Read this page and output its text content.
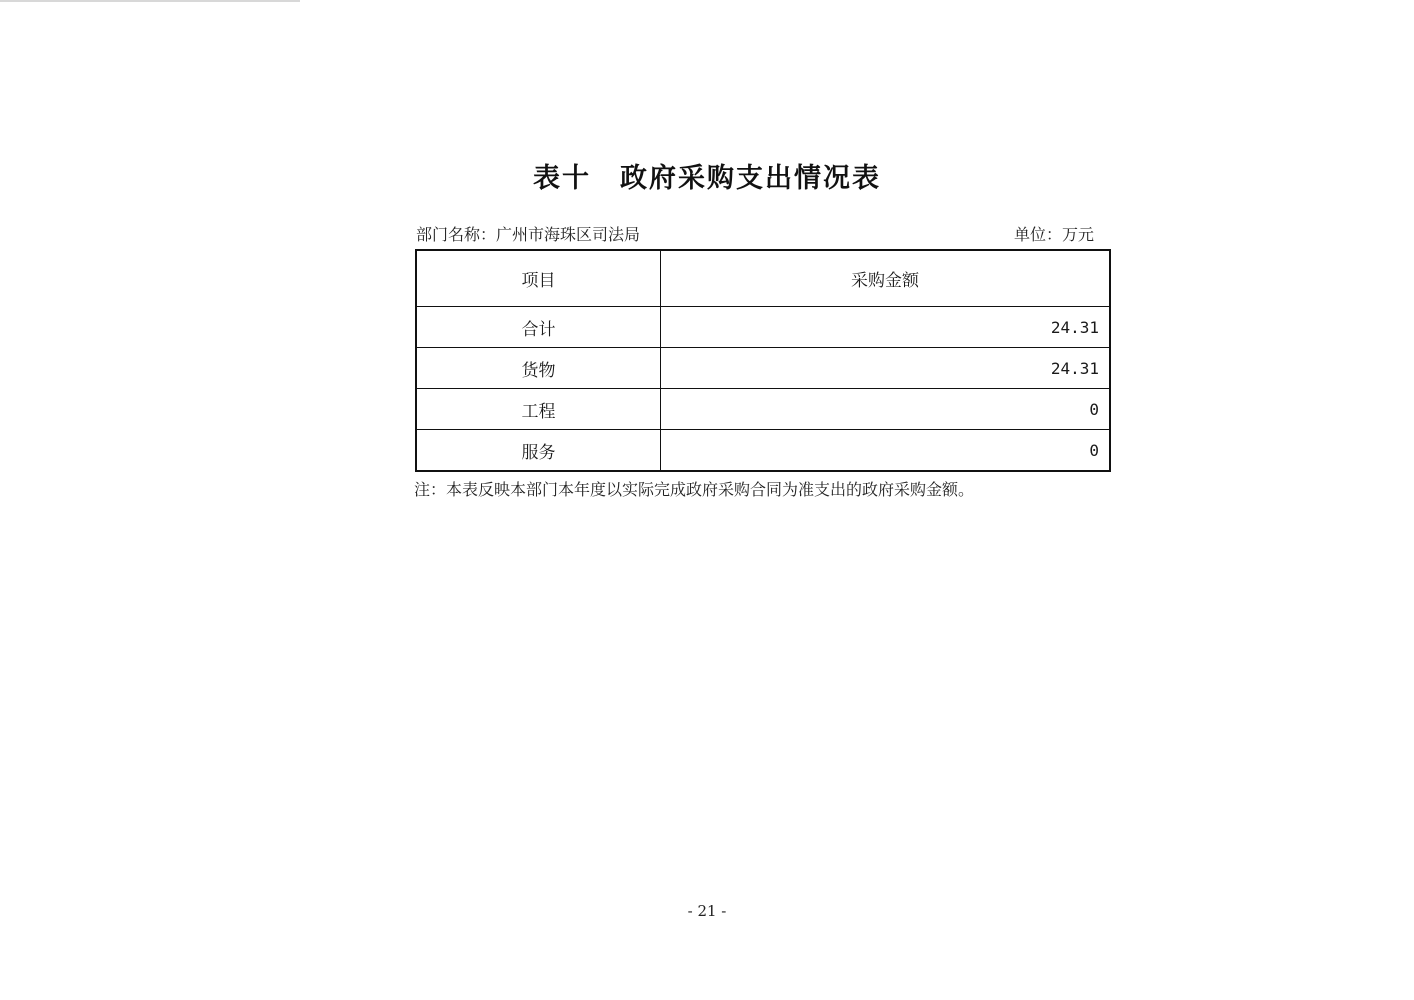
表十　政府采购支出情况表
部门名称：广州市海珠区司法局	单位：万元
项目	采购金额
合计	24.31
货物	24.31
工程	0
服务	0
注：本表反映本部门本年度以实际完成政府采购合同为准支出的政府采购金额。
- 21 -
